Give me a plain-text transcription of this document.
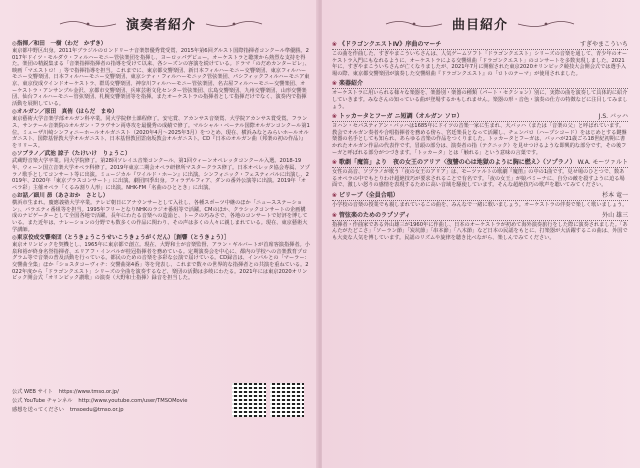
演奏者紹介

◎指揮／和田　一樹（わだ　かずき）

東京都中野区出身。2011年ブラジルのロンドリーナ音楽祭優秀賞受賞、2015年第6回グルスト国際指揮者コンクール準優勝。2017年ドイツ・モルダウ・フィルハーモニー管弦楽団を指揮し、ヨーロッパデビュー。オーケストラと聴衆から熱烈な支持を得た。楽団の精鋭集まる「音楽指揮指揮者の指導を受けて以来、各シーズンの客演を続けている。ドラマ「のだめカンタービレ」、映画「マエストロ！」等で指揮指導を担当。これまでに、東京都交響楽団、新日本フィルハーモニー交響楽団、東京フィルハーモニー交響楽団、日本フィルハーモニー交響楽団、東京シティ・フィルハーモニック管弦楽団、パシフィックフィルハーモニア東京、東京佼成ウインドオーケストラ、群馬交響楽団、神奈川フィルハーモニー管弦楽団、名古屋フィルハーモニー交響楽団、オーケストラ・アンサンブル金沢、京都市交響楽団、兵庫芸術文化センター管弦楽団、広島交響楽団、九州交響楽団、山形交響楽団、仙台フィルハーモニー管弦楽団、札幌交響楽団等を指揮。またオーケストラの指揮者として指揮だけでなく、演奏内で指揮活動を展開している。

◎オルガン／原田　真侑（はらだ　まゆ）

東京藝術大学音楽学部オルガン科卒業。同大学院修士課程修了。安宅賞、アカンサス音楽賞、大学院アカンサス賞受賞。フランス、サンテール音楽院のオルガン・フラヴサン両専攻を最優秀の成績で修了。マルシャル・ペーテル国際オルガンコンクール第1位。ミューザ川崎シンフォニーホールオルガニスト（2020年4月〜2025年3月）をつとめ、現在、横浜みなとみらいホールオルガニスト、国際基督教大学オルガニスト、日本基督教団霊南坂教会オルガニスト。CD『日本のオルガン曲（邦楽の初の作品）』をリリース。

◎ソプラノ／武池 諒子（たけいけ　りょうこ）

武蔵野音楽大学卒業。同大学院修了。第28回ソレイユ音楽コンクール、第1回ウィーンオペレッタコンクール入選。2018-19年、ウィーン国立音楽大学オペラ科修了。2019年東京二期会オペラ研修所マスタークラス修了。日本オペレッタ協会専属、ソプラノ歌手としてコンサート等に出演。ミュージカル『ワイルド・ホーン』に出演。シンフォニック・フェスティバルに出演し、2019年、2020年「東京ブラスコンサート」に出演。劇団四季出身。フィラデルフィア、ダンの番外公演等に出演。2019年「オペラ彩」主催オペラ「くるみ割り人形」に出演。NHK-FM「名曲のひととき」に出演。

◎お話／細川 昴（あさおか　さとし）

横浜市生まれ。慶應義塾大学卒業。テレビ朝日にアナウンサーとして入社し、各種スポーツ中継のほか「ニュースステーション」、バラエティ番組等を担当。1995年フリーとなりNHKのラジオ番組等で活躍。CMのほか、クラシックコンサートの企画構成のナビゲーターとして全国各地で活躍。長年にわたる音楽への造詣と、トークの巧みさで、各地のコンサートで好評を博している。また近年は、ナレーションの分野でも数多くの作品に関わり、その声は多くの人々に親しまれている。現在、東京藝術大学講師。

◎東京佼成交響楽団（とうきょうこうせいこうきょうがくだん）［創響（とうきょう）］

東京オリンピックを契機とし、1965年に東京都で創立。現在、大野和士が音楽監督、アラン・ギルバートが首席客演指揮者。小泉和裕が終身名誉指揮者、エリアフ・インバルが桂冠指揮者を務めている。定期演奏会を中心に、都内の学校への音楽教育プログラム等で音楽の普及活動を行っている。都民のための音楽を多彩な公演で届けている。CD録音は、インバルとの「マーラー：交響曲全集」ほか「ショスタコーヴィチ：交響曲第4番」等を発表し、これまで数々の世界的な指揮者との共演を重ねている。2022年度から「ドラゴンクエスト」シリーズの全曲を演奏するなど、楽団の活動は多岐にわたる。2021年には東京2020オリンピック開会式「オリンピック讃歌」の演奏（大野和士指揮）録音を担当した。

公式 WEB サイト https://www.tmso.or.jp/
公式 YouTube チャンネル http://www.youtube.com/user/TMSOMovie
感想を送ってください tmsoedu@tmso.or.jp
曲目紹介
❀ 《ドラゴンクエストⅣ》序曲のマーチ	すぎやまこういち

この曲を作曲した、すぎやまこういちさんは、人気ゲームソフト「ドラゴンクエスト」シリーズの音楽を通して、青少年のオーケストラ入門にもなれるように、オーケストラによる交響組曲「ドラゴンクエスト」のコンサートを多数実現しました。2021年に、すぎやまこういちさんが亡くなりましたが、2021年7月に開催された東京2020オリンピック競技大会開会式では選手入場の際、東京都交響楽団が演奏した交響組曲『ドラゴンクエスト』の「ロトのテーマ」が使用されました。

❀ 楽器紹介

オーケストラに用いられる様々な楽器を、楽器別・楽器の種類（パート・セクション）別に、実際の曲を演奏して具体的に紹介していきます。みなさんの知っている曲が登場するかもしれません。楽器の形・音色・演奏の仕方の特徴などに注目してみましょう。

❀ トッカータとフーガ ニ短調（オルガン ソロ）	J.S. バッハ

ヨハン・セバスティアン・バッハは1685年にドイツの音楽一家に生まれ、大バッハ（または「音楽の父」と呼ばれています。教会でオルガン奏者や合唱指揮者を務める傍ら、宮廷楽長となって活躍し、チェンバロ（ハープシコード）をはじめとする鍵盤楽器の名手としても知られ、あらゆる音楽の作品をつくりました。トッカータとフーガは、バッハが21歳ごろ18世紀初期に書かれたオルガン作品の代表作です。冒頭の部分は、演奏者の指（テクニック）を見せつけるような即興的な部分です。その後フーガと呼ばれる部分がつづきます。「トッカータ」とは「触れる」という意味の言葉です。

❀ 歌劇「魔笛」より　夜の女王のアリア〈復讐の心は地獄のように胸に燃え〉（ソプラノ） W.A. モーツァルト

女性の高音、ソプラノが歌う「夜の女王のアリア」は、モーツァルトの歌劇『魔笛』の中の1曲です。見せ場のひとつで、数あるオペラの中でもとりわけ超絶技巧が要求されることで有名です。「夜の女王」が娘パミーナに、自分の敵を殺すように迫る場面で、激しい怒りの感情を表現するために高い音域を駆使しています。そんな超絶技巧の歌声を聴いてみてください。

❀ ピリーブ（全員合唱）	杉本 竜一

小学校の音楽の授業でも親しまれているこの曲を、みんなで一緒に歌いましょう。オーケストラの伴奏で楽しく歌いましょう。

❀ 管弦楽のためのラプソディ	外山 雄三

指揮者・作曲家である外山雄三が1960年に作曲し、日本のオーケストラが初めて海外演奏旅行をした際に演奏されました。「あんたがたどこさ」「ソーラン節」「炭坑節」「串本節」「八木節」など日本の民謡をもとに、打楽器が大活躍するこの曲は、外国でも大変な人気を博しています。民謡のリズムや旋律を聴き比べながら、楽しんでみてください。
